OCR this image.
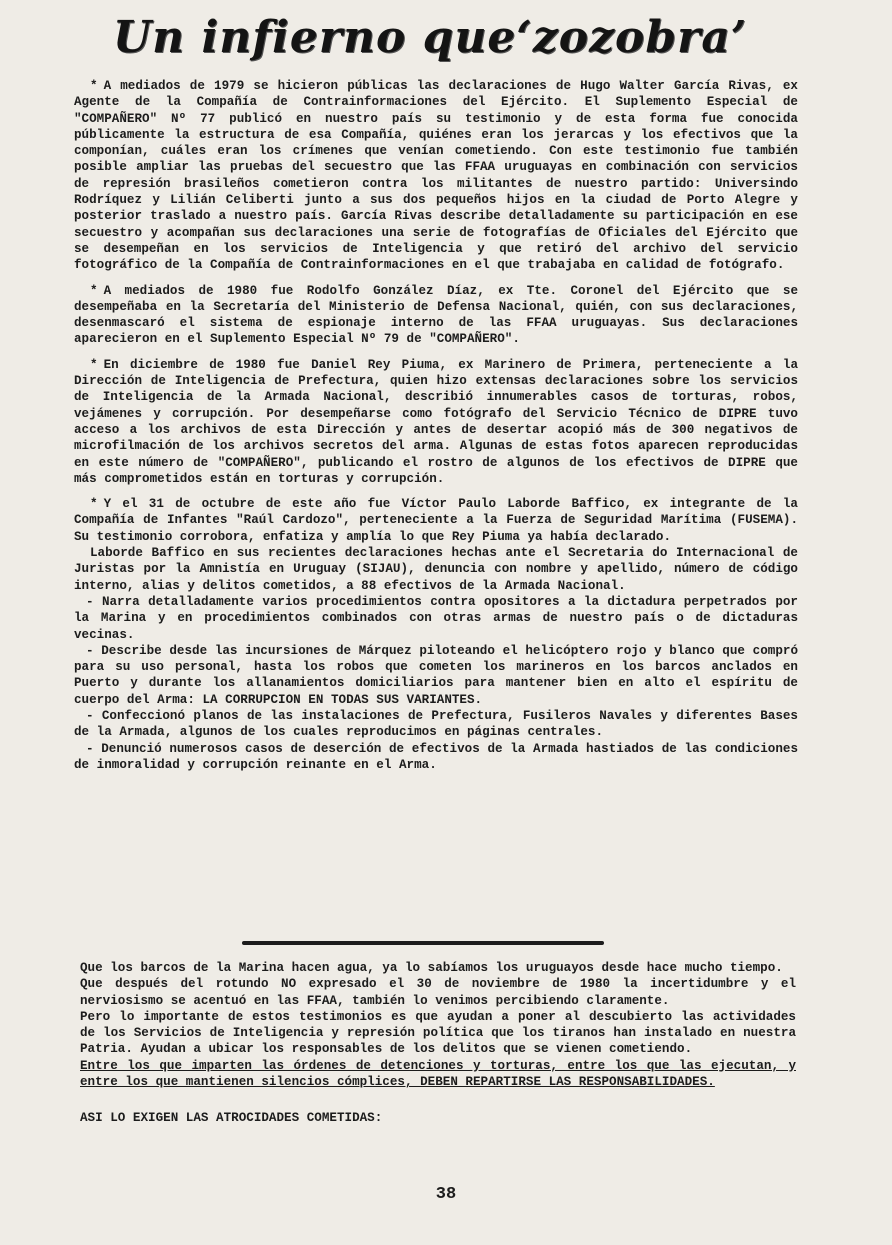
Un infierno que‘zozobra’

* A mediados de 1979 se hicieron públicas las declaraciones de Hugo Walter García Rivas, ex Agente de la Compañía de Contrainformaciones del Ejército. El Suplemento Especial de "COMPAÑERO" Nº 77 publicó en nuestro país su testimonio y de esta forma fue conocida públicamente la estructura de esa Compañía, quiénes eran los jerarcas y los efectivos que la componían, cuáles eran los crímenes que venían cometiendo. Con este testimonio fue también posible ampliar las pruebas del secuestro que las FFAA uruguayas en combinación con servicios de represión brasileños cometieron contra los militantes de nuestro partido: Universindo Rodríquez y Lilián Celiberti junto a sus dos pequeños hijos en la ciudad de Porto Alegre y posterior traslado a nuestro país. García Rivas describe detalladamente su participación en ese secuestro y acompañan sus declaraciones una serie de fotografías de Oficiales del Ejército que se desempeñan en los servicios de Inteligencia y que retiró del archivo del servicio fotográfico de la Compañía de Contrainformaciones en el que trabajaba en calidad de fotógrafo.

* A mediados de 1980 fue Rodolfo González Díaz, ex Tte. Coronel del Ejército que se desempeñaba en la Secretaría del Ministerio de Defensa Nacional, quién, con sus declaraciones, desenmascaró el sistema de espionaje interno de las FFAA uruguayas. Sus declaraciones aparecieron en el Suplemento Especial Nº 79 de "COMPAÑERO".

* En diciembre de 1980 fue Daniel Rey Piuma, ex Marinero de Primera, perteneciente a la Dirección de Inteligencia de Prefectura, quien hizo extensas declaraciones sobre los servicios de Inteligencia de la Armada Nacional, describió innumerables casos de torturas, robos, vejámenes y corrupción. Por desempeñarse como fotógrafo del Servicio Técnico de DIPRE tuvo acceso a los archivos de esta Dirección y antes de desertar acopió más de 300 negativos de microfilmación de los archivos secretos del arma. Algunas de estas fotos aparecen reproducidas en este número de "COMPAÑERO", publicando el rostro de algunos de los efectivos de DIPRE que más comprometidos están en torturas y corrupción.

* Y el 31 de octubre de este año fue Víctor Paulo Laborde Baffico, ex integrante de la Compañía de Infantes "Raúl Cardozo", perteneciente a la Fuerza de Seguridad Marítima (FUSEMA). Su testimonio corrobora, enfatiza y amplía lo que Rey Piuma ya había declarado.

Laborde Baffico en sus recientes declaraciones hechas ante el Secretaria do Internacional de Juristas por la Amnistía en Uruguay (SIJAU), denuncia con nombre y apellido, número de código interno, alias y delitos cometidos, a 88 efectivos de la Armada Nacional.

- Narra detalladamente varios procedimientos contra opositores a la dictadura perpetrados por la Marina y en procedimientos combinados con otras armas de nuestro país o de dictaduras vecinas.

- Describe desde las incursiones de Márquez piloteando el helicóptero rojo y blanco que compró para su uso personal, hasta los robos que cometen los marineros en los barcos anclados en Puerto y durante los allanamientos domiciliarios para mantener bien en alto el espíritu de cuerpo del Arma: LA CORRUPCION EN TODAS SUS VARIANTES.

- Confeccionó planos de las instalaciones de Prefectura, Fusileros Navales y diferentes Bases de la Armada, algunos de los cuales reproducimos en páginas centrales.

- Denunció numerosos casos de deserción de efectivos de la Armada hastiados de las condiciones de inmoralidad y corrupción reinante en el Arma.

Que los barcos de la Marina hacen agua, ya lo sabíamos los uruguayos desde hace mucho tiempo.

Que después del rotundo NO expresado el 30 de noviembre de 1980 la incertidumbre y el nerviosismo se acentuó en las FFAA, también lo venimos percibiendo claramente.

Pero lo importante de estos testimonios es que ayudan a poner al descubierto las actividades de los Servicios de Inteligencia y represión política que los tiranos han instalado en nuestra Patria. Ayudan a ubicar los responsables de los delitos que se vienen cometiendo.

Entre los que imparten las órdenes de detenciones y torturas, entre los que las ejecutan, y entre los que mantienen silencios cómplices, DEBEN REPARTIRSE LAS RESPONSABILIDADES.

ASI LO EXIGEN LAS ATROCIDADES COMETIDAS:

38
